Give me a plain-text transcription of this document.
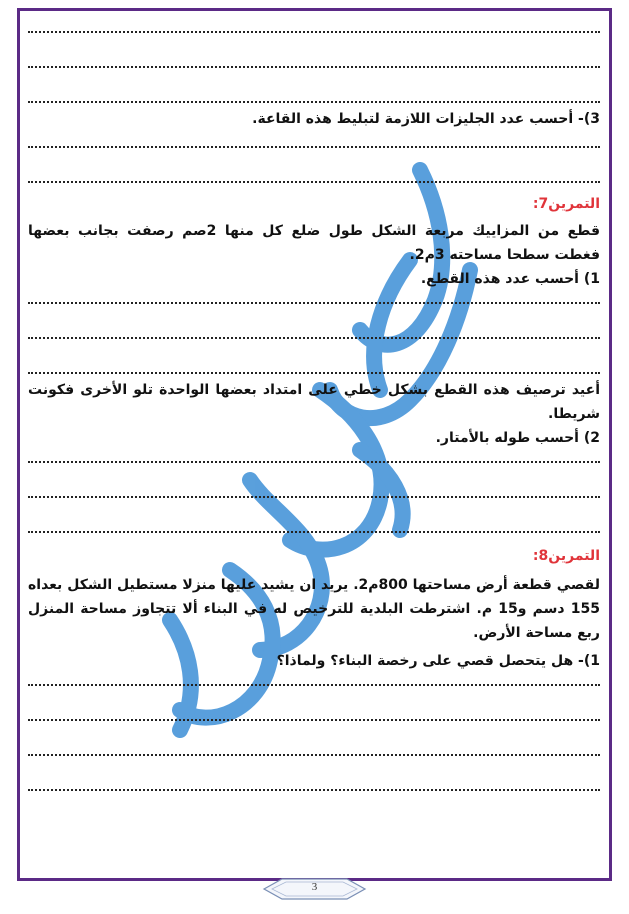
3)- أحسب عدد الجليزات اللازمة لتبليط هذه القاعة.

التمرين7:

قطع من المزاييك مربعة الشكل طول ضلع كل منها 2صم رصفت بجانب بعضها فغطت سطحا مساحته 3م2.

1) أحسب عدد هذه القطع.

أعيد ترصيف هذه القطع بشكل خطي على امتداد بعضها الواحدة تلو الأخرى فكونت شريطا.

2) أحسب طوله بالأمتار.

التمرين8:

لقصي قطعة أرض مساحتها 800م2. يريد ان يشيد عليها منزلا مستطيل الشكل بعداه 155 دسم و15 م. اشترطت البلدية للترخيص له في البناء ألا تتجاوز مساحة المنزل ربع مساحة الأرض.

1)- هل يتحصل قصي على رخصة البناء؟ ولماذا؟

3
